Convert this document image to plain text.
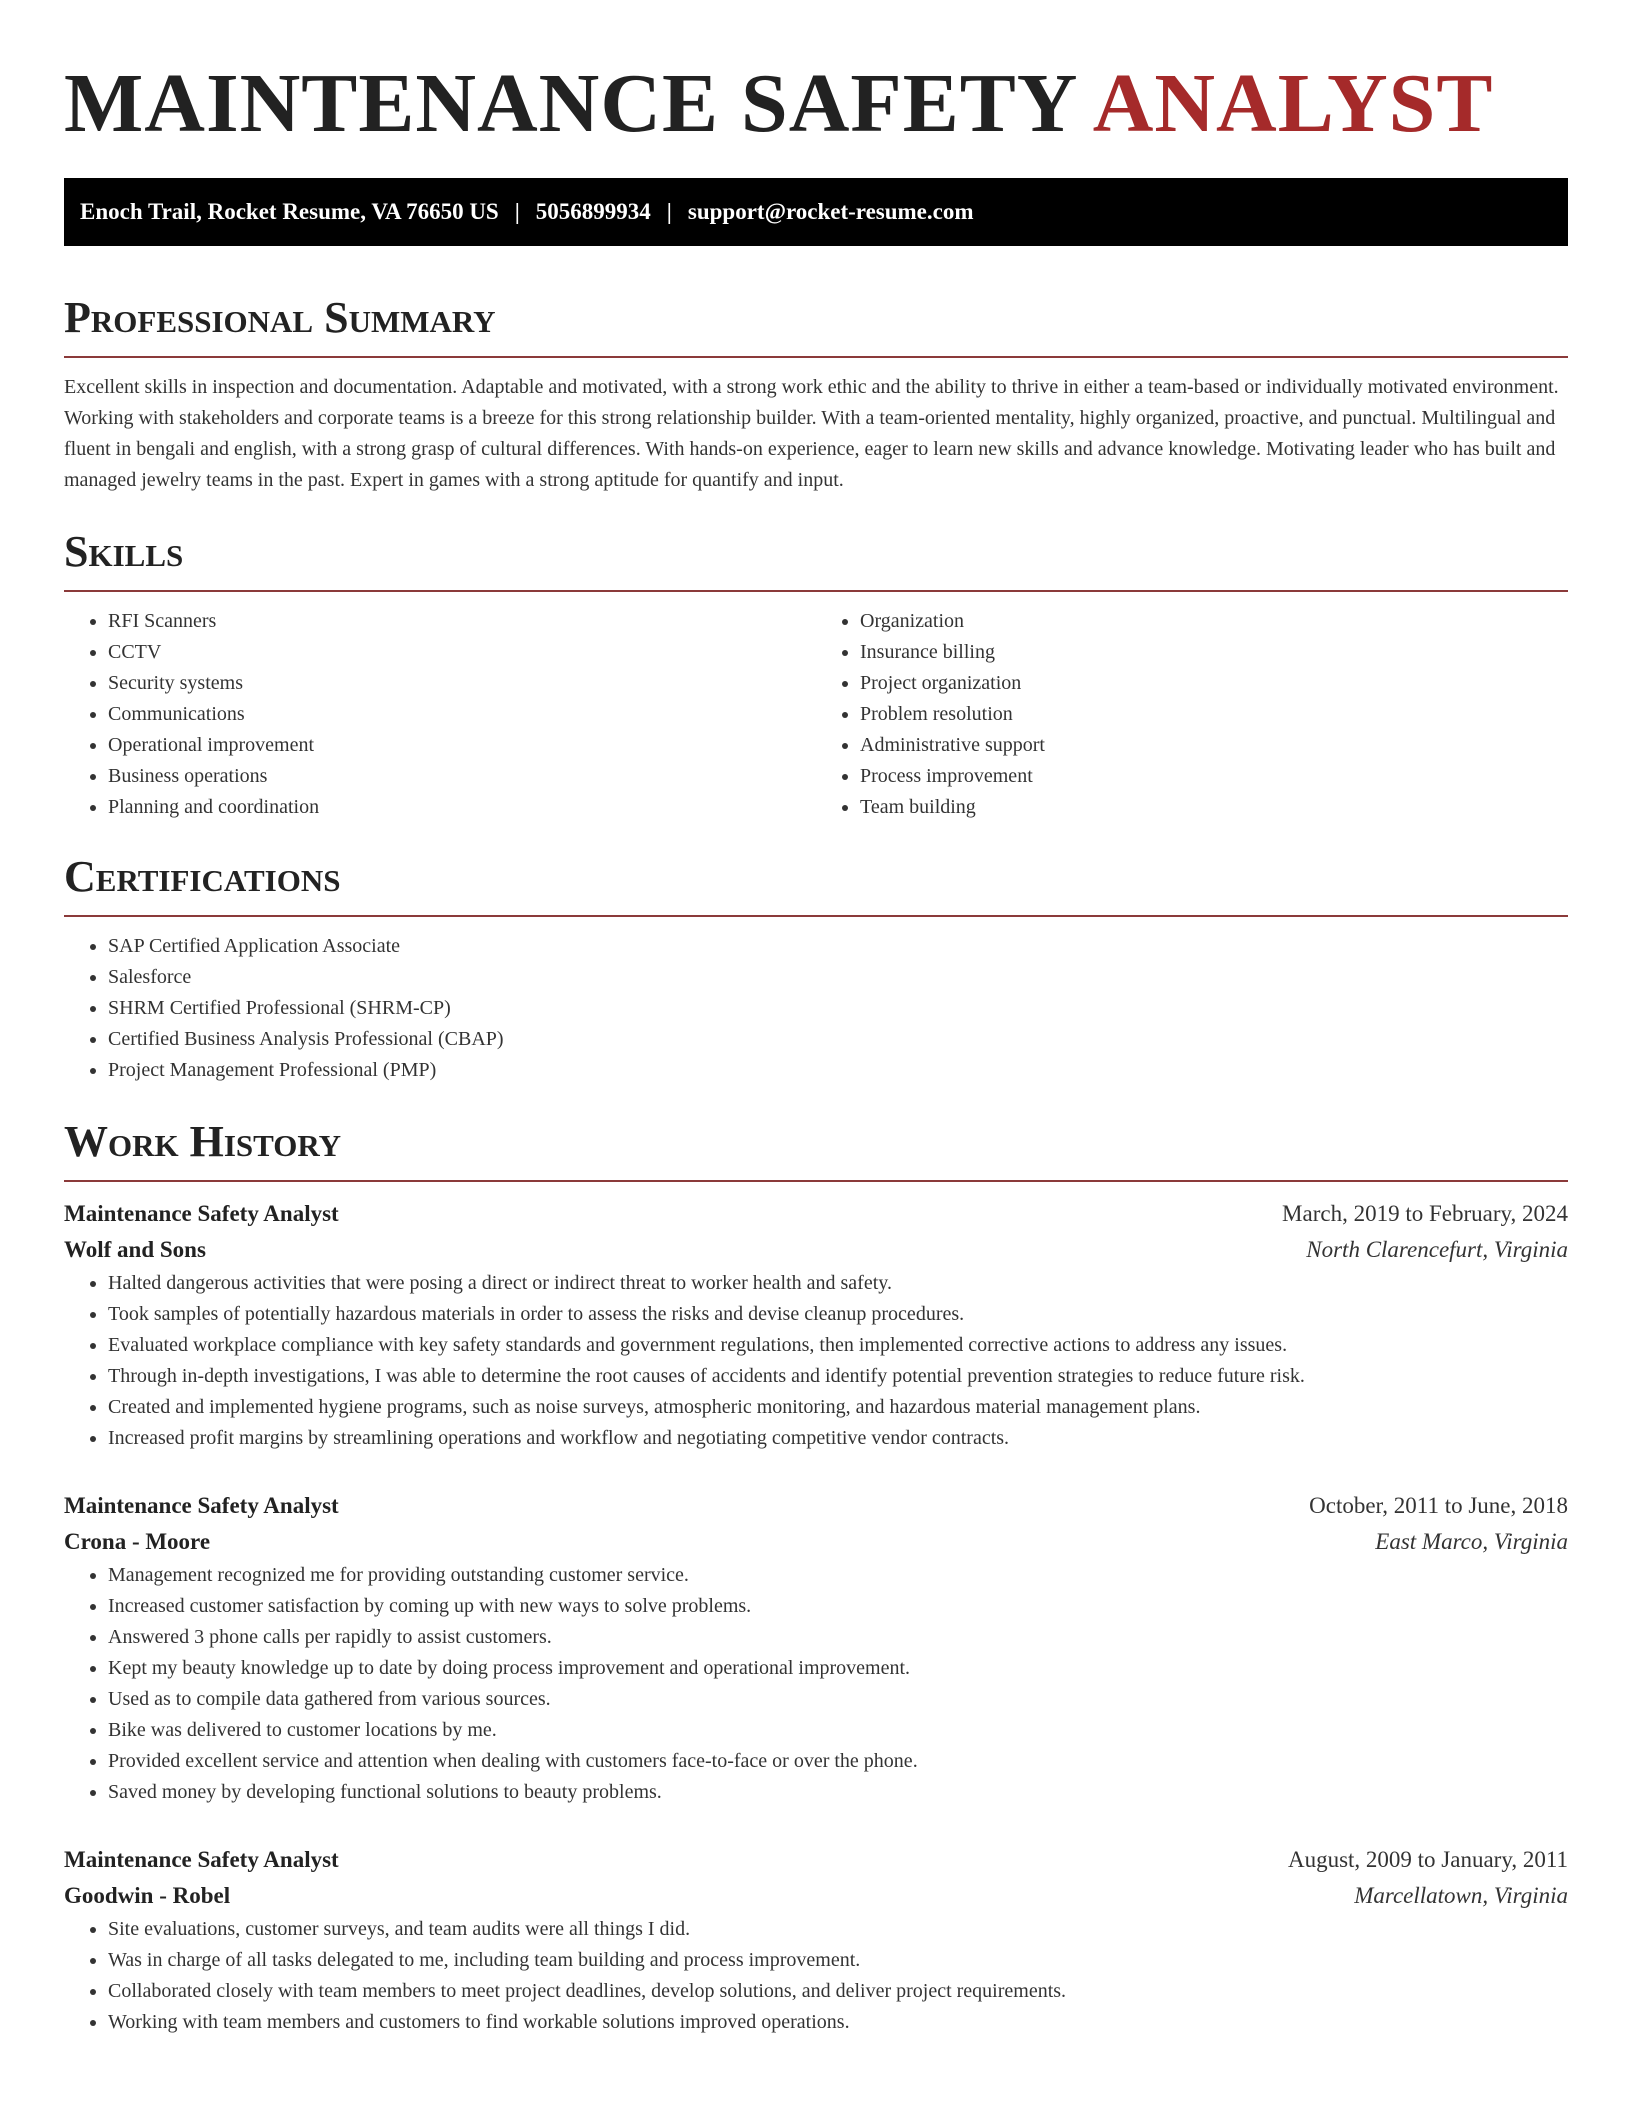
MAINTENANCE SAFETY ANALYST
Enoch Trail, Rocket Resume, VA 76650 US | 5056899934 | support@rocket-resume.com
Professional Summary

Excellent skills in inspection and documentation. Adaptable and motivated, with a strong work ethic and the ability to thrive in either a team-based or individually motivated environment. Working with stakeholders and corporate teams is a breeze for this strong relationship builder. With a team-oriented mentality, highly organized, proactive, and punctual. Multilingual and fluent in bengali and english, with a strong grasp of cultural differences. With hands-on experience, eager to learn new skills and advance knowledge. Motivating leader who has built and managed jewelry teams in the past. Expert in games with a strong aptitude for quantify and input.

Skills
• RFI Scanners
• CCTV
• Security systems
• Communications
• Operational improvement
• Business operations
• Planning and coordination
• Organization
• Insurance billing
• Project organization
• Problem resolution
• Administrative support
• Process improvement
• Team building
Certifications
• SAP Certified Application Associate
• Salesforce
• SHRM Certified Professional (SHRM-CP)
• Certified Business Analysis Professional (CBAP)
• Project Management Professional (PMP)
Work History
Maintenance Safety Analyst	March, 2019 to February, 2024
Wolf and Sons	North Clarencefurt, Virginia
• Halted dangerous activities that were posing a direct or indirect threat to worker health and safety.
• Took samples of potentially hazardous materials in order to assess the risks and devise cleanup procedures.
• Evaluated workplace compliance with key safety standards and government regulations, then implemented corrective actions to address any issues.
• Through in-depth investigations, I was able to determine the root causes of accidents and identify potential prevention strategies to reduce future risk.
• Created and implemented hygiene programs, such as noise surveys, atmospheric monitoring, and hazardous material management plans.
• Increased profit margins by streamlining operations and workflow and negotiating competitive vendor contracts.
Maintenance Safety Analyst	October, 2011 to June, 2018
Crona - Moore	East Marco, Virginia
• Management recognized me for providing outstanding customer service.
• Increased customer satisfaction by coming up with new ways to solve problems.
• Answered 3 phone calls per rapidly to assist customers.
• Kept my beauty knowledge up to date by doing process improvement and operational improvement.
• Used as to compile data gathered from various sources.
• Bike was delivered to customer locations by me.
• Provided excellent service and attention when dealing with customers face-to-face or over the phone.
• Saved money by developing functional solutions to beauty problems.
Maintenance Safety Analyst	August, 2009 to January, 2011
Goodwin - Robel	Marcellatown, Virginia
• Site evaluations, customer surveys, and team audits were all things I did.
• Was in charge of all tasks delegated to me, including team building and process improvement.
• Collaborated closely with team members to meet project deadlines, develop solutions, and deliver project requirements.
• Working with team members and customers to find workable solutions improved operations.
